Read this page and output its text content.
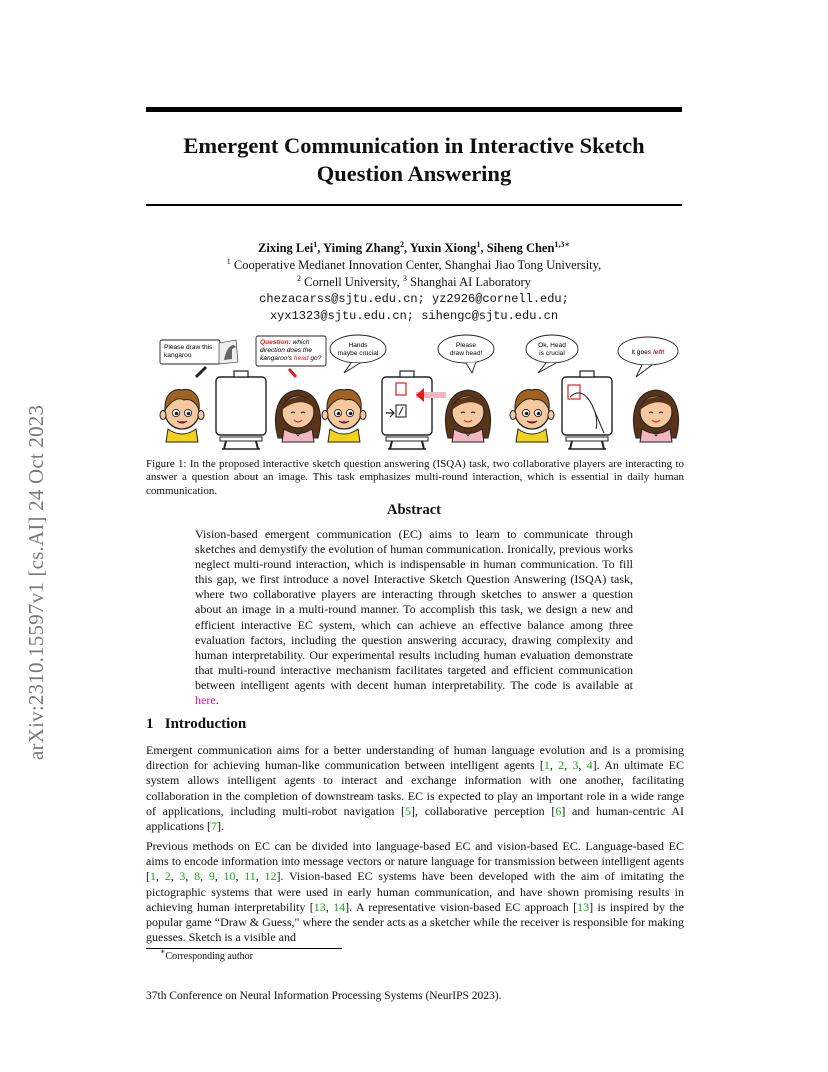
arXiv:2310.15597v1 [cs.AI] 24 Oct 2023
Emergent Communication in Interactive Sketch
Question Answering
Zixing Lei$^1$, Yiming Zhang$^2$, Yuxin Xiong$^1$, Siheng Chen$^{1,3∗}$
$^1$ Cooperative Medianet Innovation Center, Shanghai Jiao Tong University,
$^2$ Cornell University, $^3$ Shanghai AI Laboratory
chezacarss@sjtu.edu.cn; yz2926@cornell.edu;
xyx1323@sjtu.edu.cn; sihengc@sjtu.edu.cn
Please draw this
kangaroo
Question: which
direction does the
kangaroo's head go?
Hands
maybe crucial
Please
draw head!
Ok, Head
is crucial	It goes left!
Figure 1: In the proposed interactive sketch question answering (ISQA) task, two collaborative players are interacting to answer a question about an image. This task emphasizes multi-round interaction, which is essential in daily human communication.
Abstract
Vision-based emergent communication (EC) aims to learn to communicate through sketches and demystify the evolution of human communication. Ironically, previous works neglect multi-round interaction, which is indispensable in human communication. To fill this gap, we first introduce a novel Interactive Sketch Question Answering (ISQA) task, where two collaborative players are interacting through sketches to answer a question about an image in a multi-round manner. To accomplish this task, we design a new and efficient interactive EC system, which can achieve an effective balance among three evaluation factors, including the question answering accuracy, drawing complexity and human interpretability. Our experimental results including human evaluation demonstrate that multi-round interactive mechanism facilitates targeted and efficient communication between intelligent agents with decent human interpretability. The code is available at here.
1 Introduction
Emergent communication aims for a better understanding of human language evolution and is a promising direction for achieving human-like communication between intelligent agents [1, 2, 3, 4]. An ultimate EC system allows intelligent agents to interact and exchange information with one another, facilitating collaboration in the completion of downstream tasks. EC is expected to play an important role in a wide range of applications, including multi-robot navigation [5], collaborative perception [6] and human-centric AI applications [7].
Previous methods on EC can be divided into language-based EC and vision-based EC. Language-based EC aims to encode information into message vectors or nature language for transmission between intelligent agents [1, 2, 3, 8, 9, 10, 11, 12]. Vision-based EC systems have been developed with the aim of imitating the pictographic systems that were used in early human communication, and have shown promising results in achieving human interpretability [13, 14]. A representative vision-based EC approach [13] is inspired by the popular game “Draw & Guess," where the sender acts as a sketcher while the receiver is responsible for making guesses. Sketch is a visible and
∗Corresponding author
37th Conference on Neural Information Processing Systems (NeurIPS 2023).
